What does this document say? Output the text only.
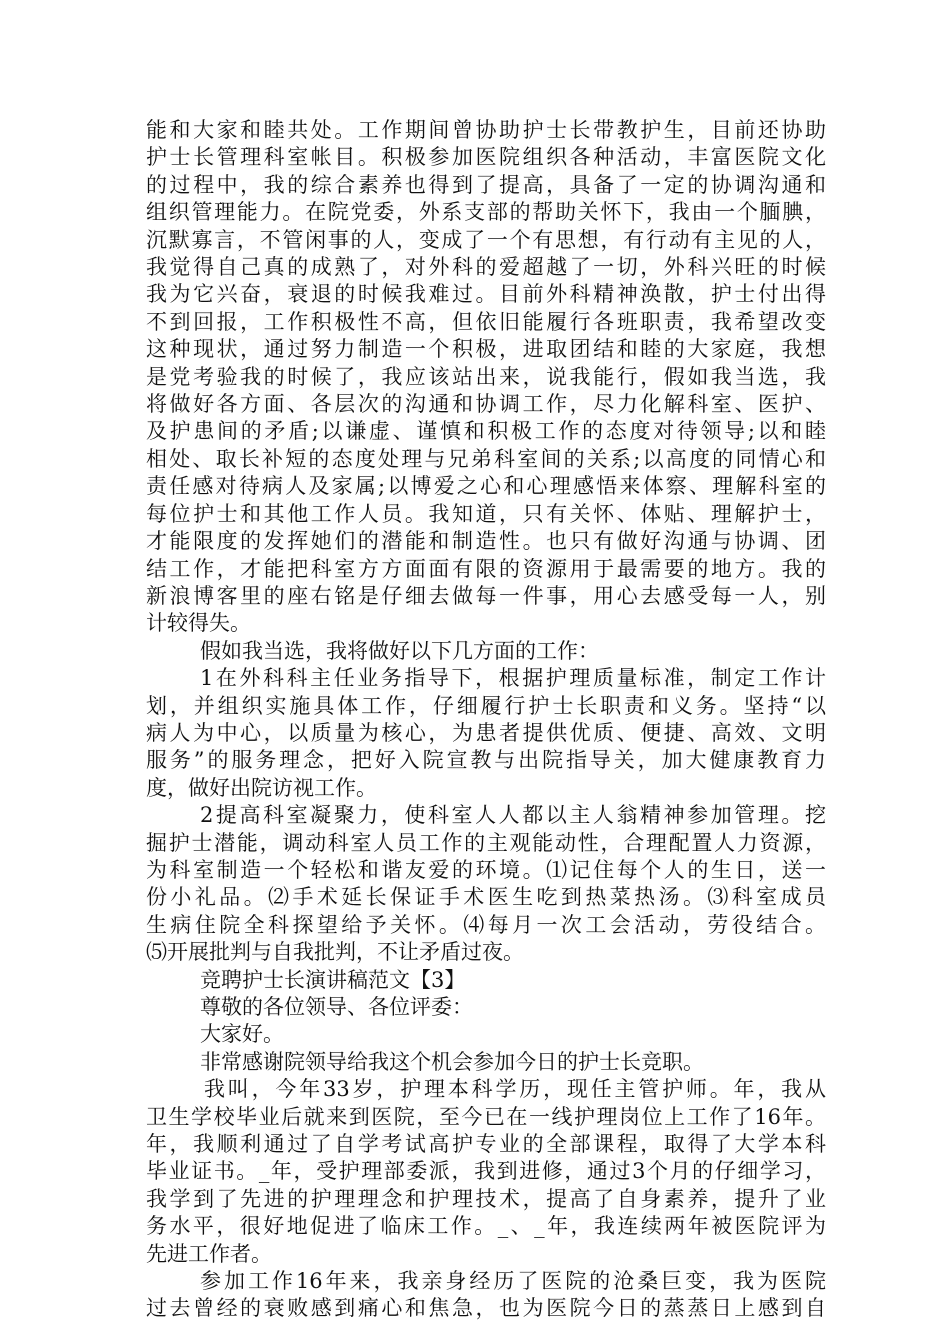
能和大家和睦共处。工作期间曾协助护士长带教护生，目前还协助
护士长管理科室帐目。积极参加医院组织各种活动，丰富医院文化
的过程中，我的综合素养也得到了提高，具备了一定的协调沟通和
组织管理能力。在院党委，外系支部的帮助关怀下，我由一个腼腆，
沉默寡言，不管闲事的人，变成了一个有思想，有行动有主见的人，
我觉得自己真的成熟了，对外科的爱超越了一切，外科兴旺的时候
我为它兴奋，衰退的时候我难过。目前外科精神涣散，护士付出得
不到回报，工作积极性不高，但依旧能履行各班职责，我希望改变
这种现状，通过努力制造一个积极，进取团结和睦的大家庭，我想
是党考验我的时候了，我应该站出来，说我能行，假如我当选，我
将做好各方面、各层次的沟通和协调工作，尽力化解科室、医护、
及护患间的矛盾;以谦虚、谨慎和积极工作的态度对待领导;以和睦
相处、取长补短的态度处理与兄弟科室间的关系;以高度的同情心和
责任感对待病人及家属;以博爱之心和心理感悟来体察、理解科室的
每位护士和其他工作人员。我知道，只有关怀、体贴、理解护士，
才能限度的发挥她们的潜能和制造性。也只有做好沟通与协调、团
结工作，才能把科室方方面面有限的资源用于最需要的地方。我的
新浪博客里的座右铭是仔细去做每一件事，用心去感受每一人，别
计较得失。
假如我当选，我将做好以下几方面的工作：
1在外科科主任业务指导下，根据护理质量标准，制定工作计
划，并组织实施具体工作，仔细履行护士长职责和义务。坚持“以
病人为中心，以质量为核心，为患者提供优质、便捷、高效、文明
服务”的服务理念，把好入院宣教与出院指导关，加大健康教育力
度，做好出院访视工作。
2提高科室凝聚力，使科室人人都以主人翁精神参加管理。挖
掘护士潜能，调动科室人员工作的主观能动性，合理配置人力资源，
为科室制造一个轻松和谐友爱的环境。⑴记住每个人的生日，送一
份小礼品。⑵手术延长保证手术医生吃到热菜热汤。⑶科室成员
生病住院全科探望给予关怀。⑷每月一次工会活动，劳役结合。
⑸开展批判与自我批判，不让矛盾过夜。
竞聘护士长演讲稿范文【3】
尊敬的各位领导、各位评委：
大家好。
非常感谢院领导给我这个机会参加今日的护士长竞职。
我叫，今年33岁，护理本科学历，现任主管护师。年，我从
卫生学校毕业后就来到医院，至今已在一线护理岗位上工作了16年。
年，我顺利通过了自学考试高护专业的全部课程，取得了大学本科
毕业证书。_年，受护理部委派，我到进修，通过3个月的仔细学习，
我学到了先进的护理理念和护理技术，提高了自身素养，提升了业
务水平，很好地促进了临床工作。_、_年，我连续两年被医院评为
先进工作者。
参加工作16年来，我亲身经历了医院的沧桑巨变，我为医院
过去曾经的衰败感到痛心和焦急，也为医院今日的蒸蒸日上感到自
